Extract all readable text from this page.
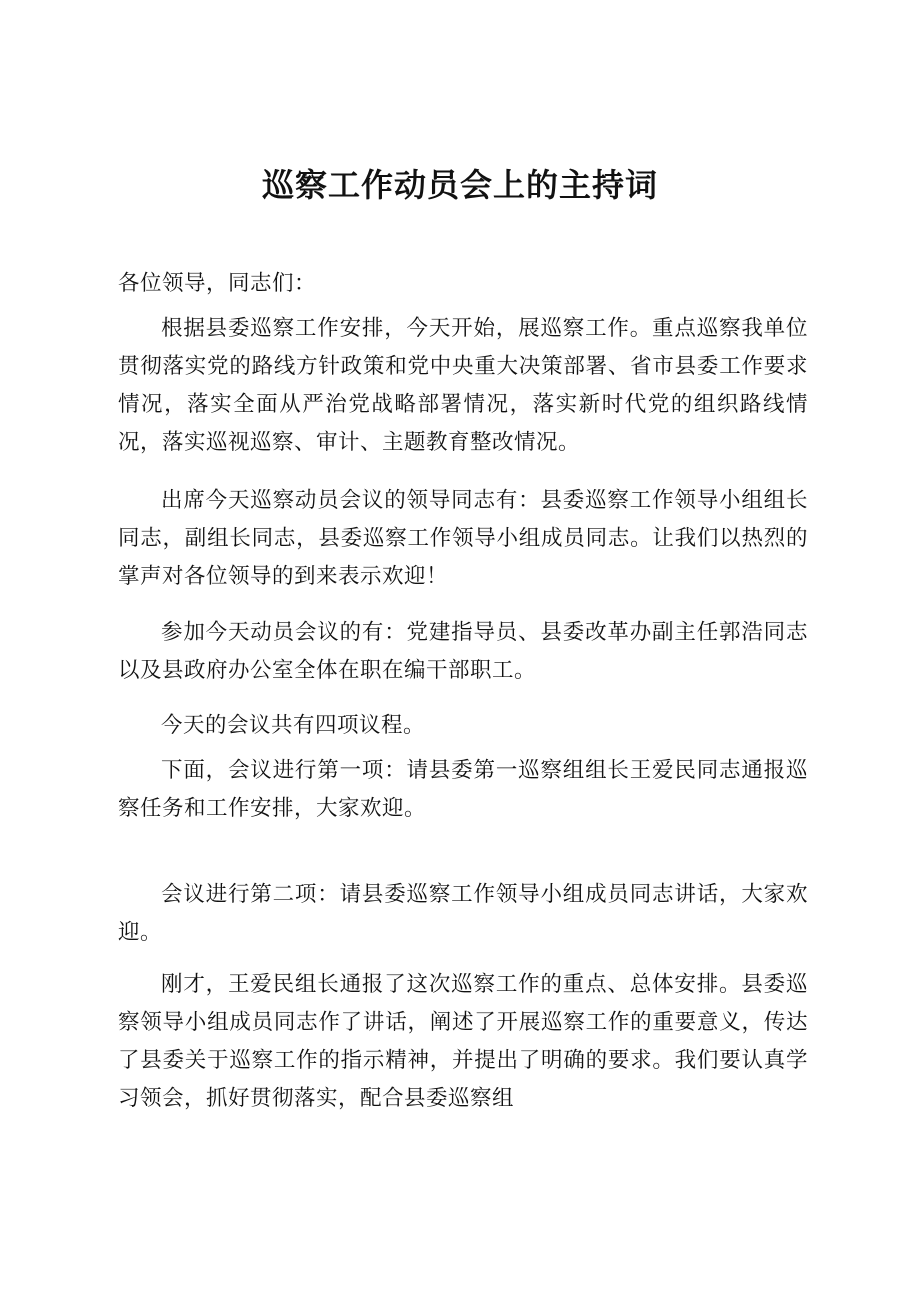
巡察工作动员会上的主持词

各位领导，同志们：

根据县委巡察工作安排，今天开始，展巡察工作。重点巡察我单位贯彻落实党的路线方针政策和党中央重大决策部署、省市县委工作要求情况，落实全面从严治党战略部署情况，落实新时代党的组织路线情况，落实巡视巡察、审计、主题教育整改情况。

出席今天巡察动员会议的领导同志有：县委巡察工作领导小组组长同志，副组长同志，县委巡察工作领导小组成员同志。让我们以热烈的掌声对各位领导的到来表示欢迎！

参加今天动员会议的有：党建指导员、县委改革办副主任郭浩同志以及县政府办公室全体在职在编干部职工。

今天的会议共有四项议程。

下面，会议进行第一项：请县委第一巡察组组长王爱民同志通报巡察任务和工作安排，大家欢迎。

会议进行第二项：请县委巡察工作领导小组成员同志讲话，大家欢迎。

刚才，王爱民组长通报了这次巡察工作的重点、总体安排。县委巡察领导小组成员同志作了讲话，阐述了开展巡察工作的重要意义，传达了县委关于巡察工作的指示精神，并提出了明确的要求。我们要认真学习领会，抓好贯彻落实，配合县委巡察组
